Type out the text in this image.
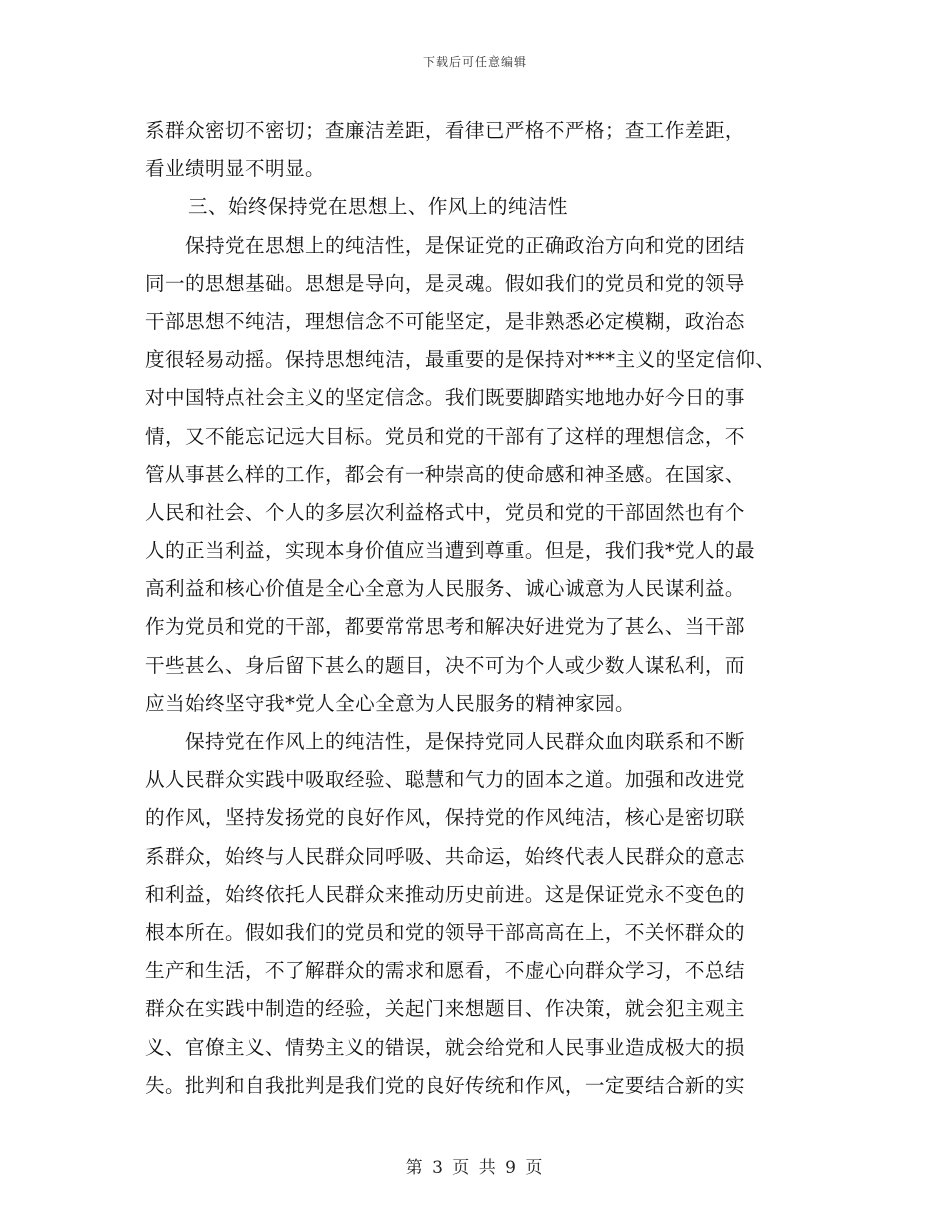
下载后可任意编辑
系群众密切不密切；查廉洁差距，看律已严格不严格；查工作差距，
看业绩明显不明显。
三、始终保持党在思想上、作风上的纯洁性
　　保持党在思想上的纯洁性，是保证党的正确政治方向和党的团结
同一的思想基础。思想是导向，是灵魂。假如我们的党员和党的领导
干部思想不纯洁，理想信念不可能坚定，是非熟悉必定模糊，政治态
度很轻易动摇。保持思想纯洁，最重要的是保持对***主义的坚定信仰、
对中国特点社会主义的坚定信念。我们既要脚踏实地地办好今日的事
情，又不能忘记远大目标。党员和党的干部有了这样的理想信念，不
管从事甚么样的工作，都会有一种崇高的使命感和神圣感。在国家、
人民和社会、个人的多层次利益格式中，党员和党的干部固然也有个
人的正当利益，实现本身价值应当遭到尊重。但是，我们我*党人的最
高利益和核心价值是全心全意为人民服务、诚心诚意为人民谋利益。
作为党员和党的干部，都要常常思考和解决好进党为了甚么、当干部
干些甚么、身后留下甚么的题目，决不可为个人或少数人谋私利，而
应当始终坚守我*党人全心全意为人民服务的精神家园。
　　保持党在作风上的纯洁性，是保持党同人民群众血肉联系和不断
从人民群众实践中吸取经验、聪慧和气力的固本之道。加强和改进党
的作风，坚持发扬党的良好作风，保持党的作风纯洁，核心是密切联
系群众，始终与人民群众同呼吸、共命运，始终代表人民群众的意志
和利益，始终依托人民群众来推动历史前进。这是保证党永不变色的
根本所在。假如我们的党员和党的领导干部高高在上，不关怀群众的
生产和生活，不了解群众的需求和愿看，不虚心向群众学习，不总结
群众在实践中制造的经验，关起门来想题目、作决策，就会犯主观主
义、官僚主义、情势主义的错误，就会给党和人民事业造成极大的损
失。批判和自我批判是我们党的良好传统和作风，一定要结合新的实
第 3 页 共 9 页
